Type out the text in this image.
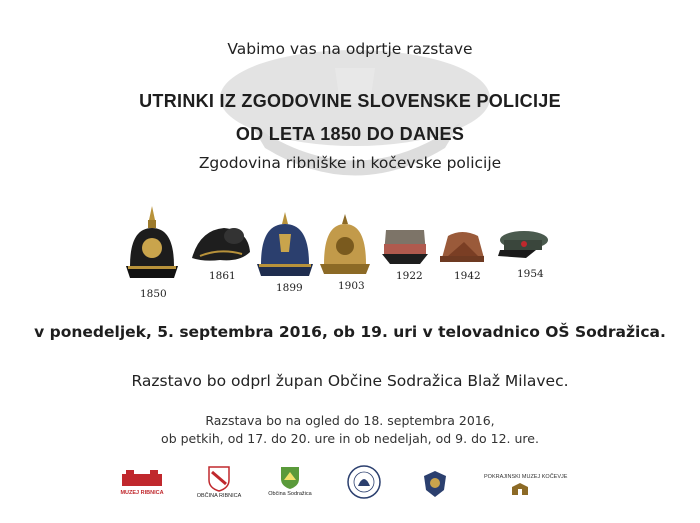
Vabimo vas na odprtje razstave
UTRINKI IZ ZGODOVINE SLOVENSKE POLICIJE
OD LETA 1850 DO DANES
Zgodovina ribniške in kočevske policije
1850
1861
1899	1903
1922	1942	1954
v ponedeljek, 5. septembra 2016, ob 19. uri v telovadnico OŠ Sodražica.
Razstavo bo odprl župan Občine Sodražica Blaž Milavec.
Razstava bo na ogled do 18. septembra 2016,
ob petkih, od 17. do 20. ure in ob nedeljah, od 9. do 12. ure.
MUZEJ RIBNICA	OBČINA RIBNICA	Občina Sodražica
POKRAJINSKI MUZEJ KOČEVJE
